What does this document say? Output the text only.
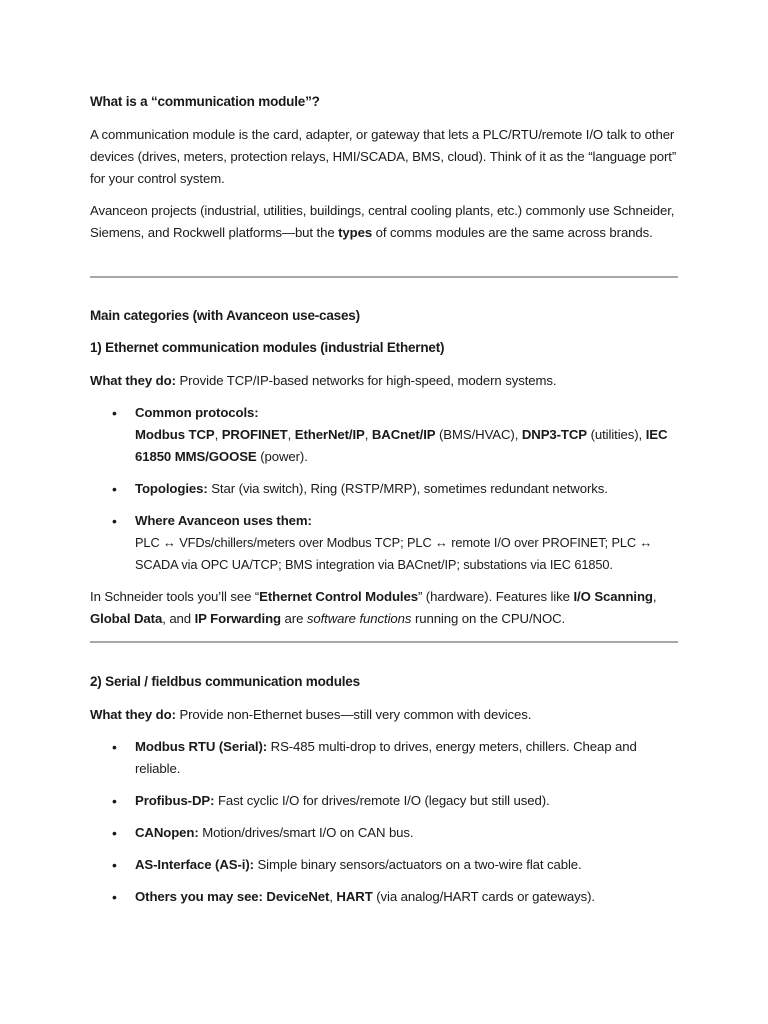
What is a “communication module”?

A communication module is the card, adapter, or gateway that lets a PLC/RTU/remote I/O talk to other devices (drives, meters, protection relays, HMI/SCADA, BMS, cloud). Think of it as the “language port” for your control system.

Avanceon projects (industrial, utilities, buildings, central cooling plants, etc.) commonly use Schneider, Siemens, and Rockwell platforms—but the types of comms modules are the same across brands.

Main categories (with Avanceon use-cases)
1) Ethernet communication modules (industrial Ethernet)

What they do: Provide TCP/IP-based networks for high-speed, modern systems.

• Common protocols:
Modbus TCP, PROFINET, EtherNet/IP, BACnet/IP (BMS/HVAC), DNP3-TCP (utilities), IEC 61850 MMS/GOOSE (power).
• Topologies: Star (via switch), Ring (RSTP/MRP), sometimes redundant networks.
• Where Avanceon uses them:
PLC ↔ VFDs/chillers/meters over Modbus TCP; PLC ↔ remote I/O over PROFINET; PLC ↔ SCADA via OPC UA/TCP; BMS integration via BACnet/IP; substations via IEC 61850.

In Schneider tools you’ll see “Ethernet Control Modules” (hardware). Features like I/O Scanning, Global Data, and IP Forwarding are software functions running on the CPU/NOC.

2) Serial / fieldbus communication modules

What they do: Provide non-Ethernet buses—still very common with devices.

• Modbus RTU (Serial): RS-485 multi-drop to drives, energy meters, chillers. Cheap and reliable.
• Profibus-DP: Fast cyclic I/O for drives/remote I/O (legacy but still used).
• CANopen: Motion/drives/smart I/O on CAN bus.
• AS-Interface (AS-i): Simple binary sensors/actuators on a two-wire flat cable.
• Others you may see: DeviceNet, HART (via analog/HART cards or gateways).
